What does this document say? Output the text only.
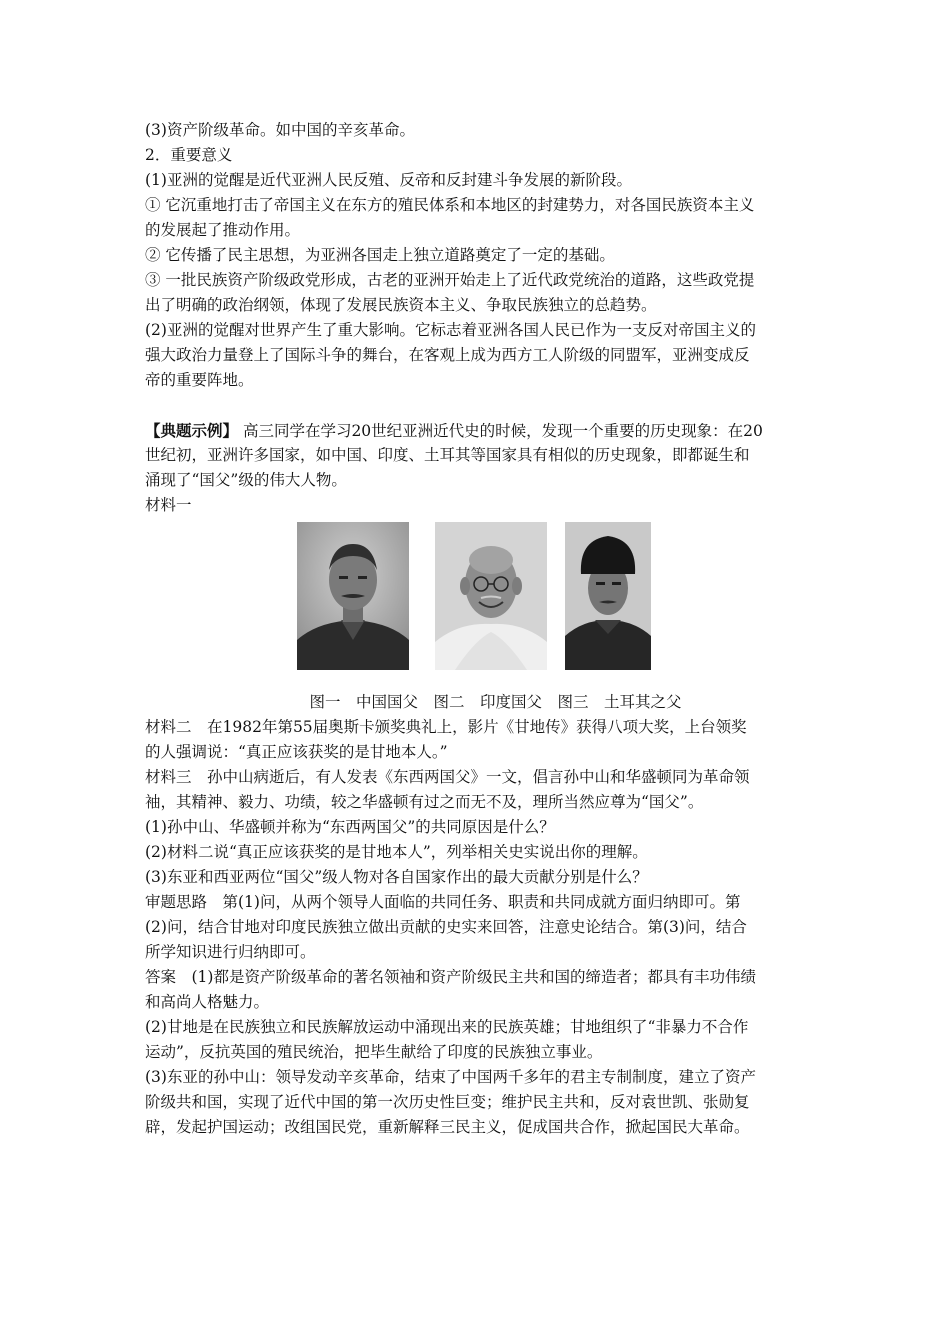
(3)资产阶级革命。如中国的辛亥革命。
2．重要意义
(1)亚洲的觉醒是近代亚洲人民反殖、反帝和反封建斗争发展的新阶段。
① 它沉重地打击了帝国主义在东方的殖民体系和本地区的封建势力，对各国民族资本主义
的发展起了推动作用。
② 它传播了民主思想，为亚洲各国走上独立道路奠定了一定的基础。
③ 一批民族资产阶级政党形成，古老的亚洲开始走上了近代政党统治的道路，这些政党提
出了明确的政治纲领，体现了发展民族资本主义、争取民族独立的总趋势。
(2)亚洲的觉醒对世界产生了重大影响。它标志着亚洲各国人民已作为一支反对帝国主义的
强大政治力量登上了国际斗争的舞台，在客观上成为西方工人阶级的同盟军，亚洲变成反
帝的重要阵地。
【典题示例】 高三同学在学习20世纪亚洲近代史的时候，发现一个重要的历史现象：在20
世纪初，亚洲许多国家，如中国、印度、土耳其等国家具有相似的历史现象，即都诞生和
涌现了“国父”级的伟大人物。
材料一
图一　中国国父　图二　印度国父　图三　土耳其之父
材料二　在1982年第55届奥斯卡颁奖典礼上，影片《甘地传》获得八项大奖，上台领奖
的人强调说：“真正应该获奖的是甘地本人。”
材料三　孙中山病逝后，有人发表《东西两国父》一文，倡言孙中山和华盛顿同为革命领
袖，其精神、毅力、功绩，较之华盛顿有过之而无不及，理所当然应尊为“国父”。
(1)孙中山、华盛顿并称为“东西两国父”的共同原因是什么？
(2)材料二说“真正应该获奖的是甘地本人”，列举相关史实说出你的理解。
(3)东亚和西亚两位“国父”级人物对各自国家作出的最大贡献分别是什么？
审题思路　第(1)问，从两个领导人面临的共同任务、职责和共同成就方面归纳即可。第
(2)问，结合甘地对印度民族独立做出贡献的史实来回答，注意史论结合。第(3)问，结合
所学知识进行归纳即可。
答案　(1)都是资产阶级革命的著名领袖和资产阶级民主共和国的缔造者；都具有丰功伟绩
和高尚人格魅力。
(2)甘地是在民族独立和民族解放运动中涌现出来的民族英雄；甘地组织了“非暴力不合作
运动”，反抗英国的殖民统治，把毕生献给了印度的民族独立事业。
(3)东亚的孙中山：领导发动辛亥革命，结束了中国两千多年的君主专制制度，建立了资产
阶级共和国，实现了近代中国的第一次历史性巨变；维护民主共和，反对袁世凯、张勋复
辟，发起护国运动；改组国民党，重新解释三民主义，促成国共合作，掀起国民大革命。
